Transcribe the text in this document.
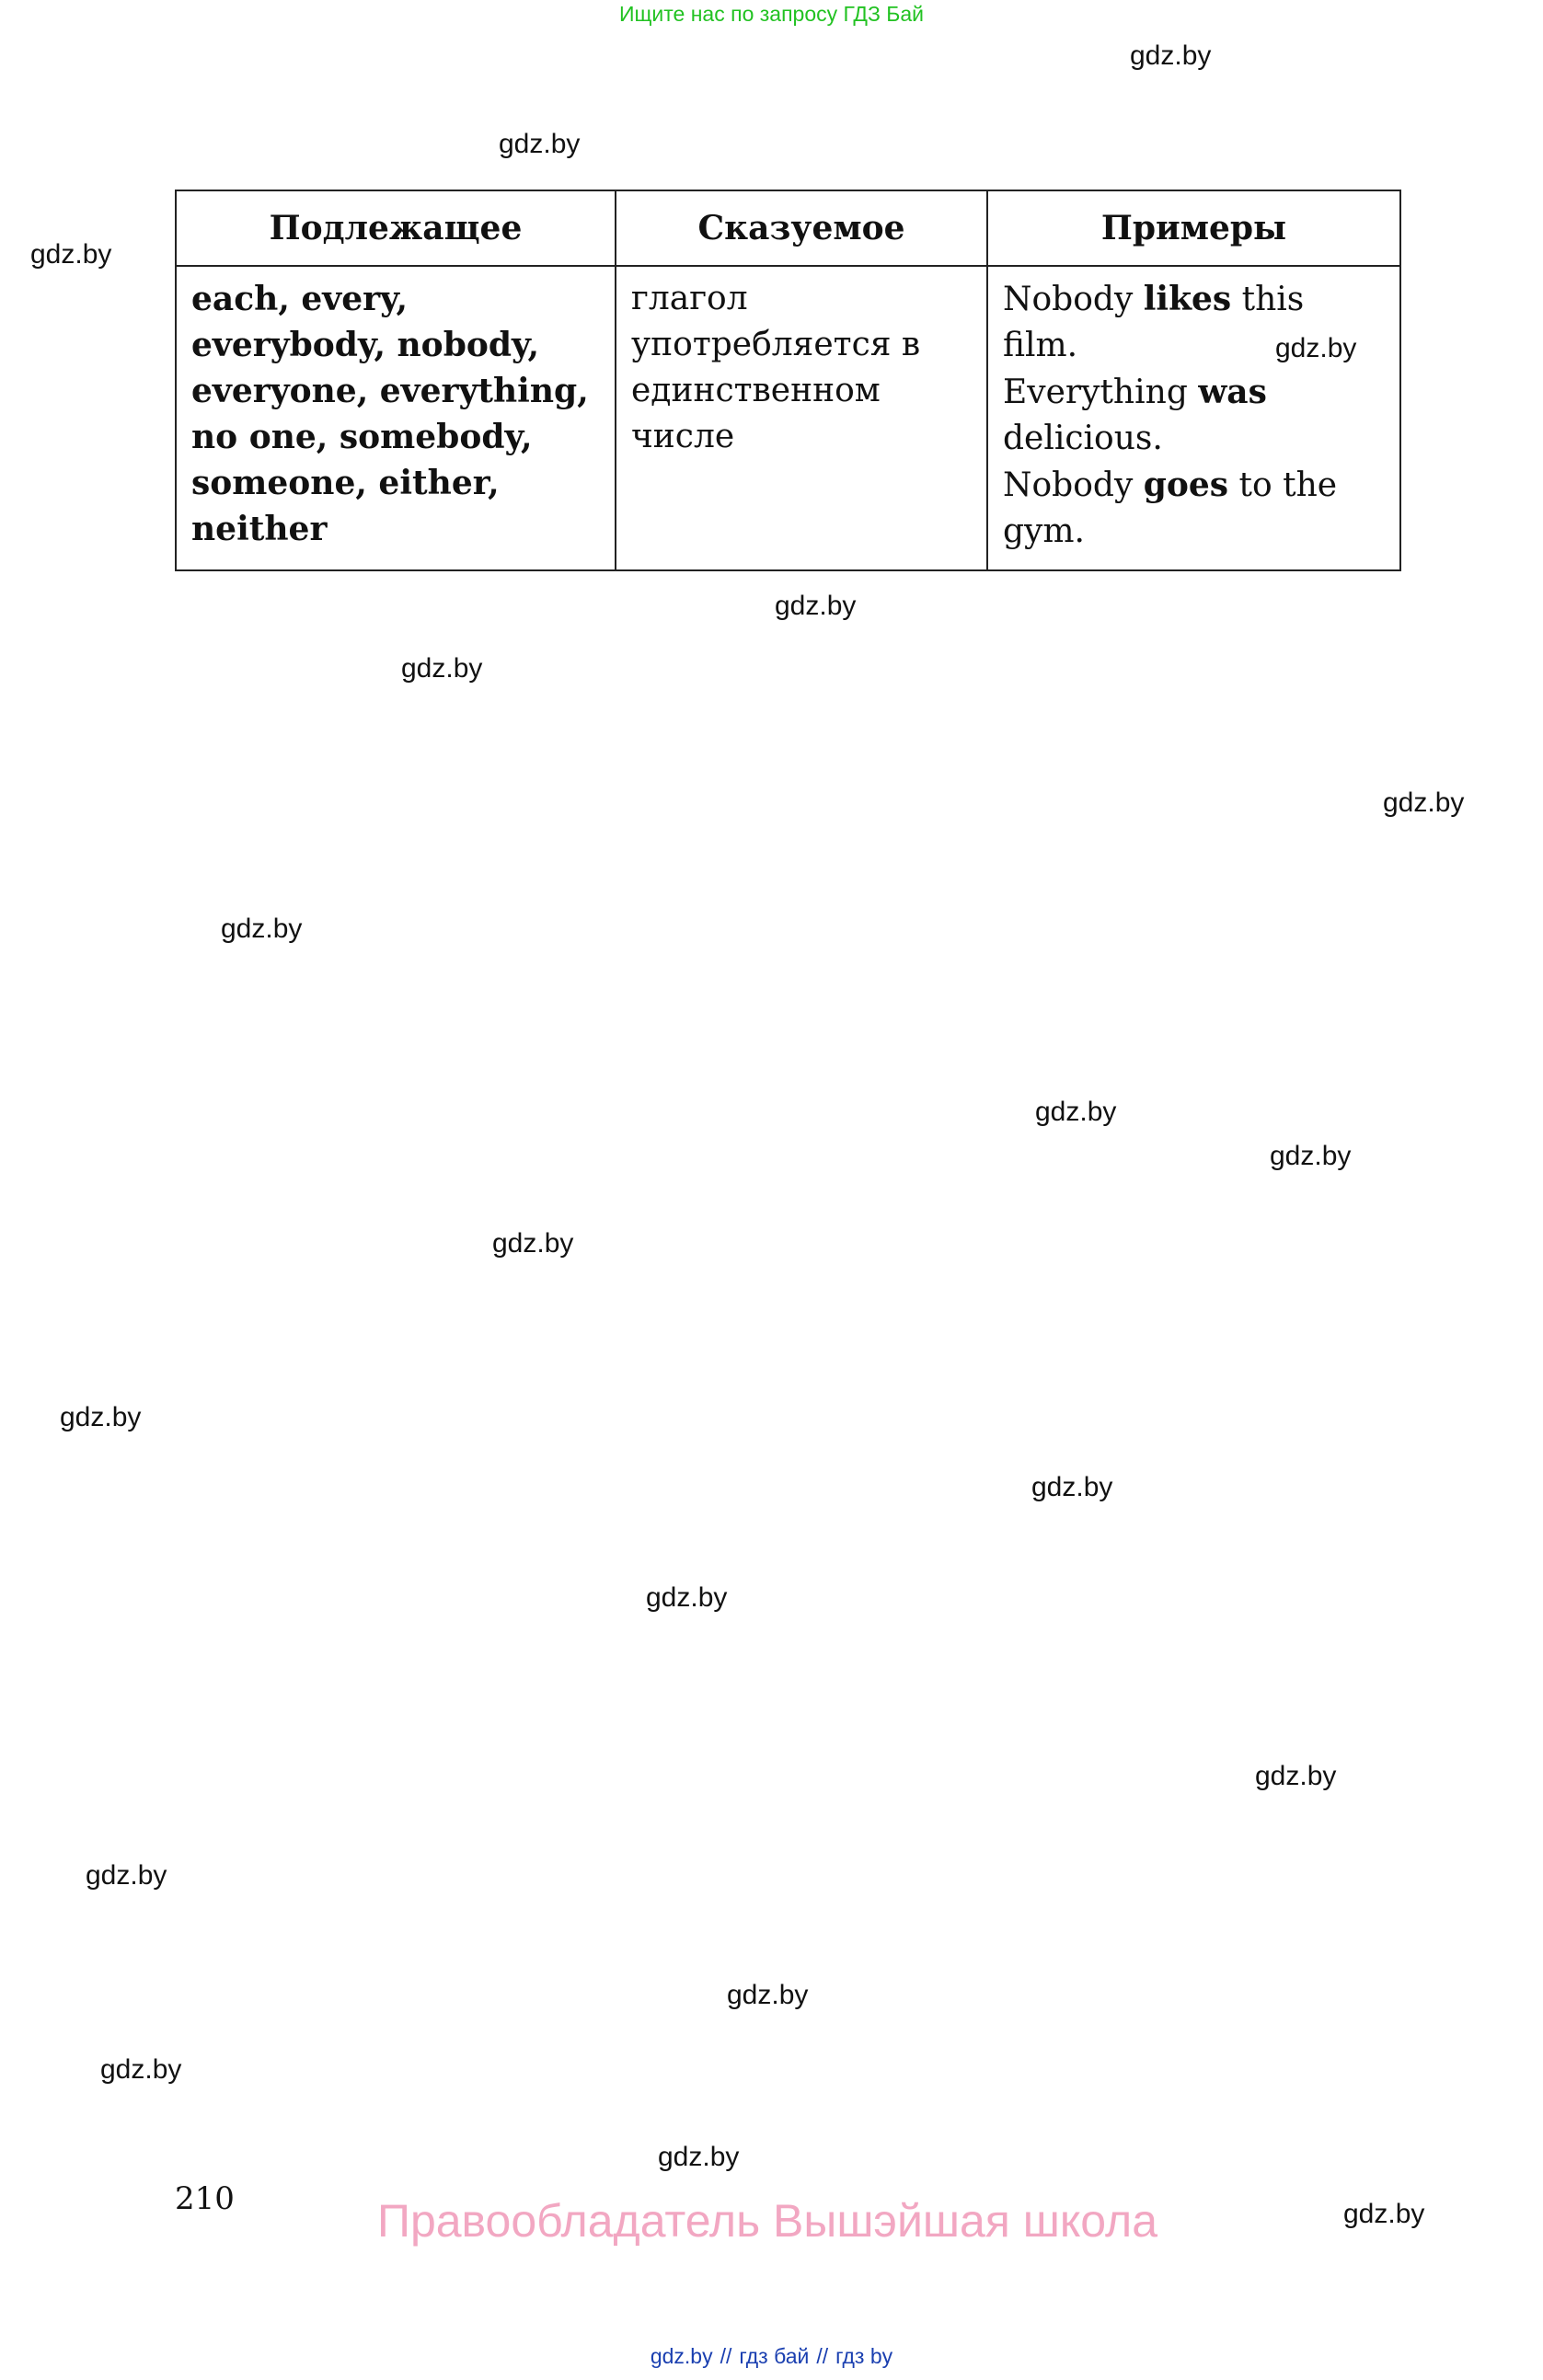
Ищите нас по запросу ГДЗ Бай
gdz.by
gdz.by
gdz.by
gdz.by
gdz.by
gdz.by
gdz.by
gdz.by
gdz.by
gdz.by
gdz.by
gdz.by
gdz.by
gdz.by
gdz.by
gdz.by
gdz.by
gdz.by
gdz.by
Подлежащее	Сказуемое	Примеры
each, every, everybody, nobody, everyone, everything, no one, somebody, someone, either, neither	глагол употребляется в единственном числе	Nobody likes this film.
Everything was delicious.
Nobody goes to the gym.
gdz.by
210	Правообладатель Вышэйшая школа
gdz.by // гдз бай // гдз by
